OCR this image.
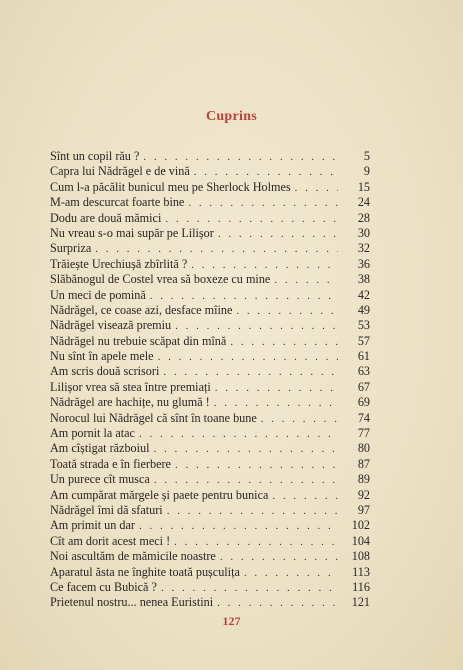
Cuprins
Sînt un copil rău ? . . .	5
Capra lui Nădrăgel e de vină . . .	9
Cum l-a păcălit bunicul meu pe Sherlock Holmes . . .	15
M-am descurcat foarte bine . . .	24
Dodu are două mămici . . .	28
Nu vreau s-o mai supăr pe Lilișor . . .	30
Surpriza . . .	32
Trăiește Urechiușă zbîrlită ? . . .	36
Slăbănogul de Costel vrea să boxeze cu mine . . .	38
Un meci de pomină . . .	42
Nădrăgel, ce coase azi, desface mîine . . .	49
Nădrăgel visează premiu . . .	53
Nădrăgel nu trebuie scăpat din mînă . . .	57
Nu sînt în apele mele . . .	61
Am scris două scrisori . . .	63
Lilișor vrea să stea între premiați . . .	67
Nădrăgel are hachițe, nu glumă ! . . .	69
Norocul lui Nădrăgel că sînt în toane bune . . .	74
Am pornit la atac . . .	77
Am cîștigat războiul . . .	80
Toată strada e în fierbere . . .	87
Un purece cît musca . . .	89
Am cumpărat mărgele și paete pentru bunica . . .	92
Nădrăgel îmi dă sfaturi . . .	97
Am primit un dar . . .	102
Cît am dorit acest meci ! . . .	104
Noi ascultăm de mămicile noastre . . .	108
Aparatul ăsta ne înghite toată pușculița . . .	113
Ce facem cu Bubică ? . . .	116
Prietenul nostru... nenea Euristini . . .	121
127
